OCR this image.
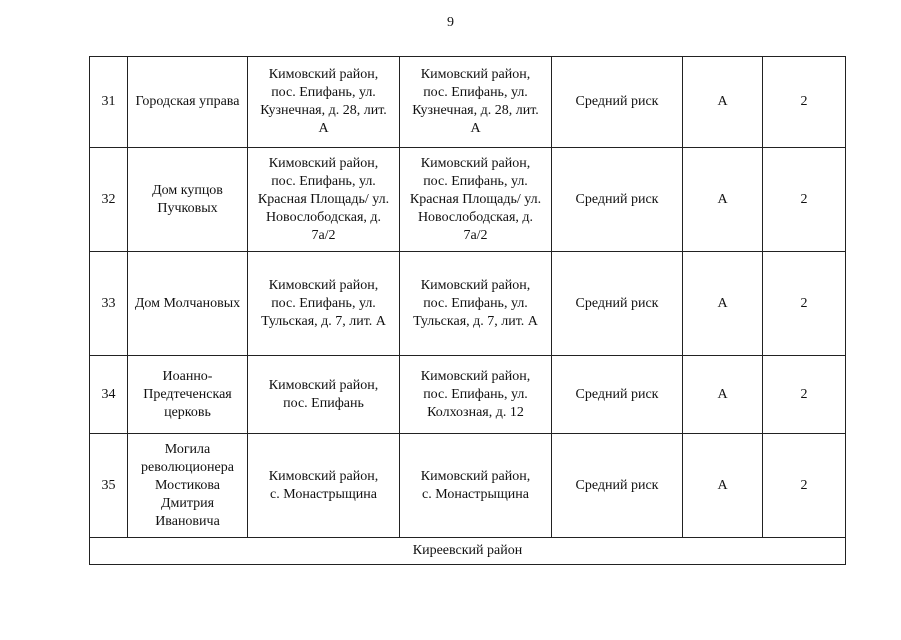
9
31	Городская управа	Кимовский район,
пос. Епифань, ул.
Кузнечная, д. 28, лит.
А	Кимовский район,
пос. Епифань, ул.
Кузнечная, д. 28, лит.
А	Средний риск	А	2
32	Дом купцов
Пучковых	Кимовский район,
пос. Епифань, ул.
Красная Площадь/ ул.
Новослободская, д.
7а/2	Кимовский район,
пос. Епифань, ул.
Красная Площадь/ ул.
Новослободская, д.
7а/2	Средний риск	А	2
33	Дом Молчановых	Кимовский район,
пос. Епифань, ул.
Тульская, д. 7, лит. А	Кимовский район,
пос. Епифань, ул.
Тульская, д. 7, лит. А	Средний риск	А	2
34	Иоанно-
Предтеченская
церковь	Кимовский район,
пос. Епифань	Кимовский район,
пос. Епифань, ул.
Колхозная, д. 12	Средний риск	А	2
35	Могила
революционера
Мостикова
Дмитрия
Ивановича	Кимовский район,
с. Монастрыщина	Кимовский район,
с. Монастрыщина	Средний риск	А	2
Киреевский район						
